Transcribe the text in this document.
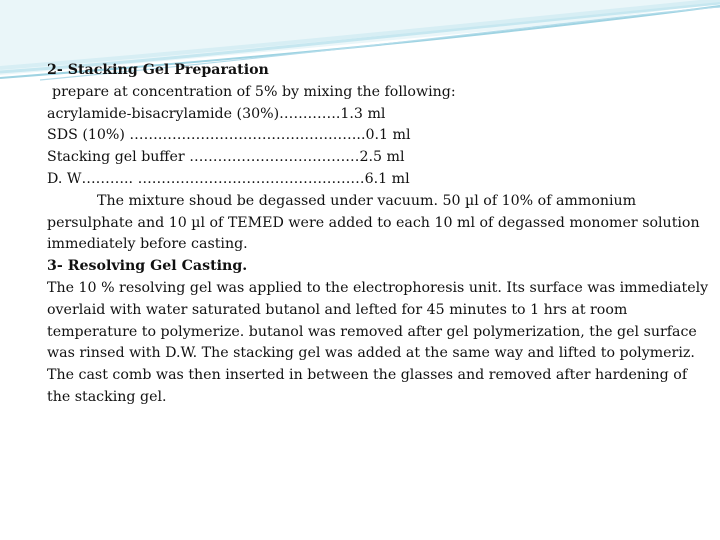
2- Stacking Gel Preparation
prepare at concentration of 5% by mixing the following:
acrylamide-bisacrylamide (30%)………….1.3 ml
SDS (10%) …………………………………………..0.1 ml
Stacking gel buffer ………………………………2.5 ml
D. W……….. …………………………………………6.1 ml
The mixture shoud be degassed under vacuum. 50 µl of 10% of ammonium persulphate and 10 µl of TEMED were added to each 10 ml of degassed monomer solution immediately before casting.
3- Resolving Gel Casting.
The 10 % resolving gel was applied to the electrophoresis unit. Its surface was immediately overlaid with water saturated butanol and lefted for 45 minutes to 1 hrs at room temperature to polymerize. butanol was removed after gel polymerization, the gel surface was rinsed with D.W. The stacking gel was added at the same way and lifted to polymeriz. The cast comb was then inserted in between the glasses and removed after hardening of the stacking gel.
